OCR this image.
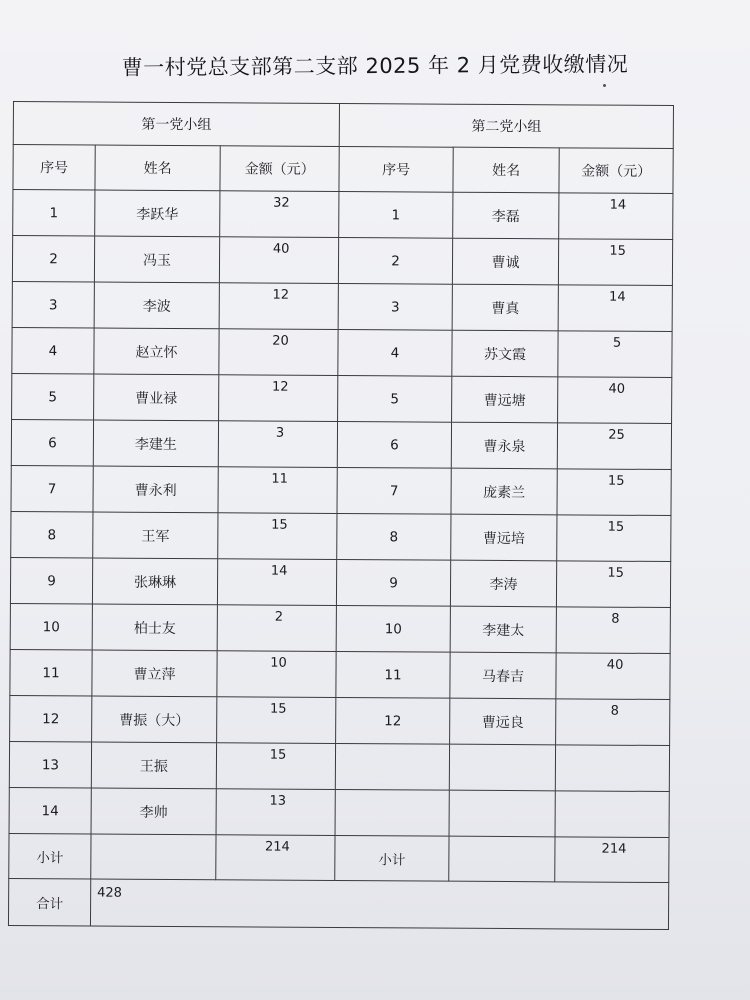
曹一村党总支部第二支部 2025 年 2 月党费收缴情况
第一党小组			第二党小组		
序号	姓名	金额（元）	序号	姓名	金额（元）
1	李跃华	32	1	李磊	14
2	冯玉	40	2	曹诚	15
3	李波	12	3	曹真	14
4	赵立怀	20	4	苏文霞	5
5	曹业禄	12	5	曹远塘	40
6	李建生	3	6	曹永泉	25
7	曹永利	11	7	庞素兰	15
8	王军	15	8	曹远培	15
9	张琳琳	14	9	李涛	15
10	柏士友	2	10	李建太	8
11	曹立萍	10	11	马春吉	40
12	曹振（大）	15	12	曹远良	8
13	王振	15			
14	李帅	13			
小计		214	小计		214
合计	428				
